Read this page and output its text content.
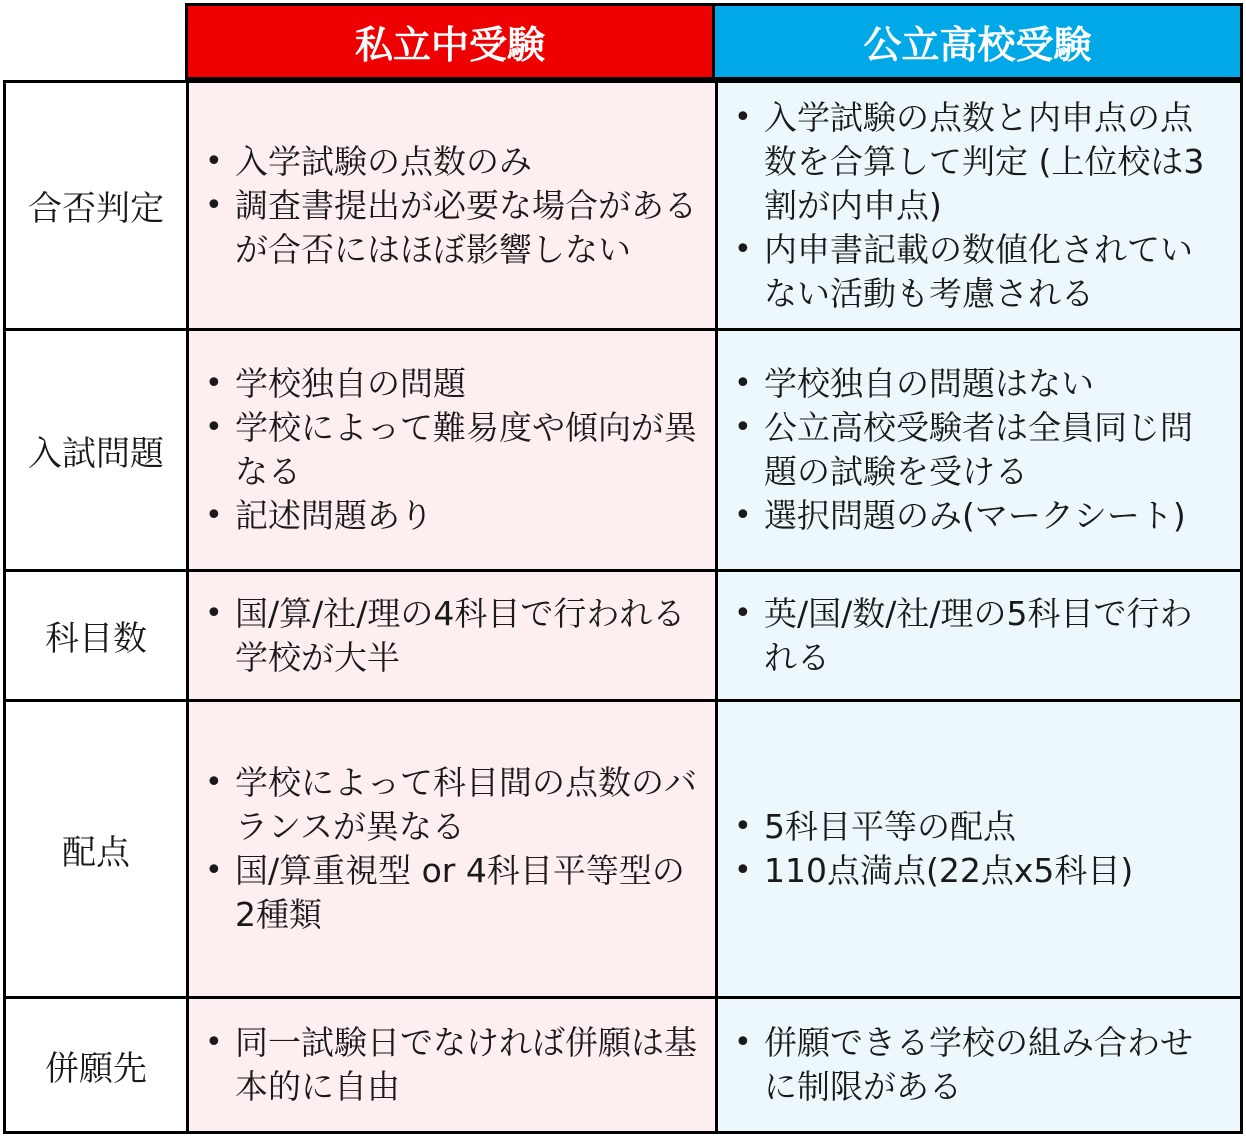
私立中受験	公立高校受験
合否判定
• 入学試験の点数のみ
• 調査書提出が必要な場合があるが合否にはほぼ影響しない
• 入学試験の点数と内申点の点数を合算して判定 (上位校は3割が内申点)
• 内申書記載の数値化されていない活動も考慮される
入試問題
• 学校独自の問題
• 学校によって難易度や傾向が異なる
• 記述問題あり
• 学校独自の問題はない
• 公立高校受験者は全員同じ問題の試験を受ける
• 選択問題のみ(マークシート)
科目数
• 国/算/社/理の4科目で行われる学校が大半
• 英/国/数/社/理の5科目で行われる
配点
• 学校によって科目間の点数のバランスが異なる
• 国/算重視型 or 4科目平等型の2種類
• 5科目平等の配点
• 110点満点(22点x5科目)
併願先
• 同一試験日でなければ併願は基本的に自由
• 併願できる学校の組み合わせに制限がある
